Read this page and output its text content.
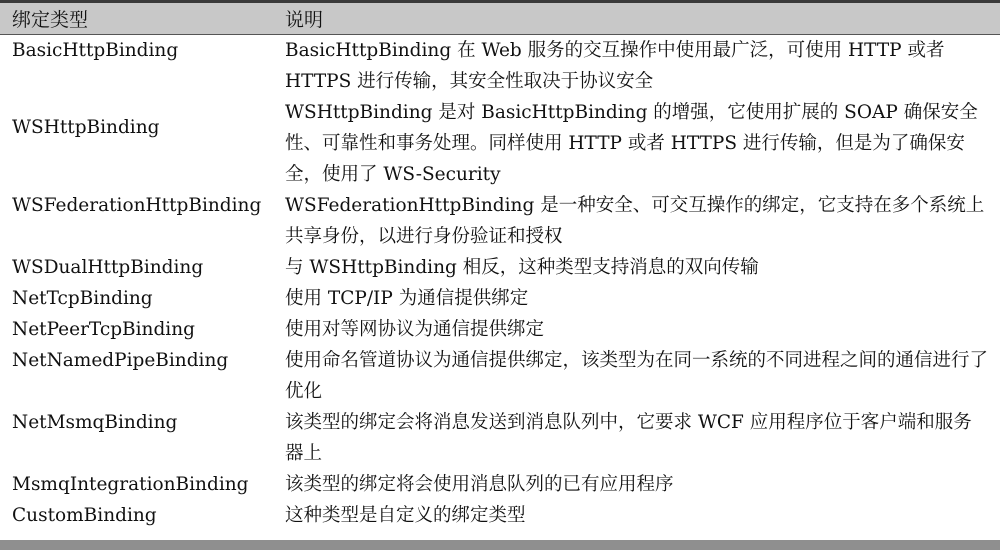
绑定类型	说明
BasicHttpBinding	BasicHttpBinding 在 Web 服务的交互操作中使用最广泛，可使用 HTTP 或者 HTTPS 进行传输，其安全性取决于协议安全
WSHttpBinding	WSHttpBinding 是对 BasicHttpBinding 的增强，它使用扩展的 SOAP 确保安全性、可靠性和事务处理。同样使用 HTTP 或者 HTTPS 进行传输，但是为了确保安全，使用了 WS-Security
WSFederationHttpBinding	WSFederationHttpBinding 是一种安全、可交互操作的绑定，它支持在多个系统上共享身份，以进行身份验证和授权
WSDualHttpBinding	与 WSHttpBinding 相反，这种类型支持消息的双向传输
NetTcpBinding	使用 TCP/IP 为通信提供绑定
NetPeerTcpBinding	使用对等网协议为通信提供绑定
NetNamedPipeBinding	使用命名管道协议为通信提供绑定，该类型为在同一系统的不同进程之间的通信进行了优化
NetMsmqBinding	该类型的绑定会将消息发送到消息队列中，它要求 WCF 应用程序位于客户端和服务器上
MsmqIntegrationBinding	该类型的绑定将会使用消息队列的已有应用程序
CustomBinding	这种类型是自定义的绑定类型
